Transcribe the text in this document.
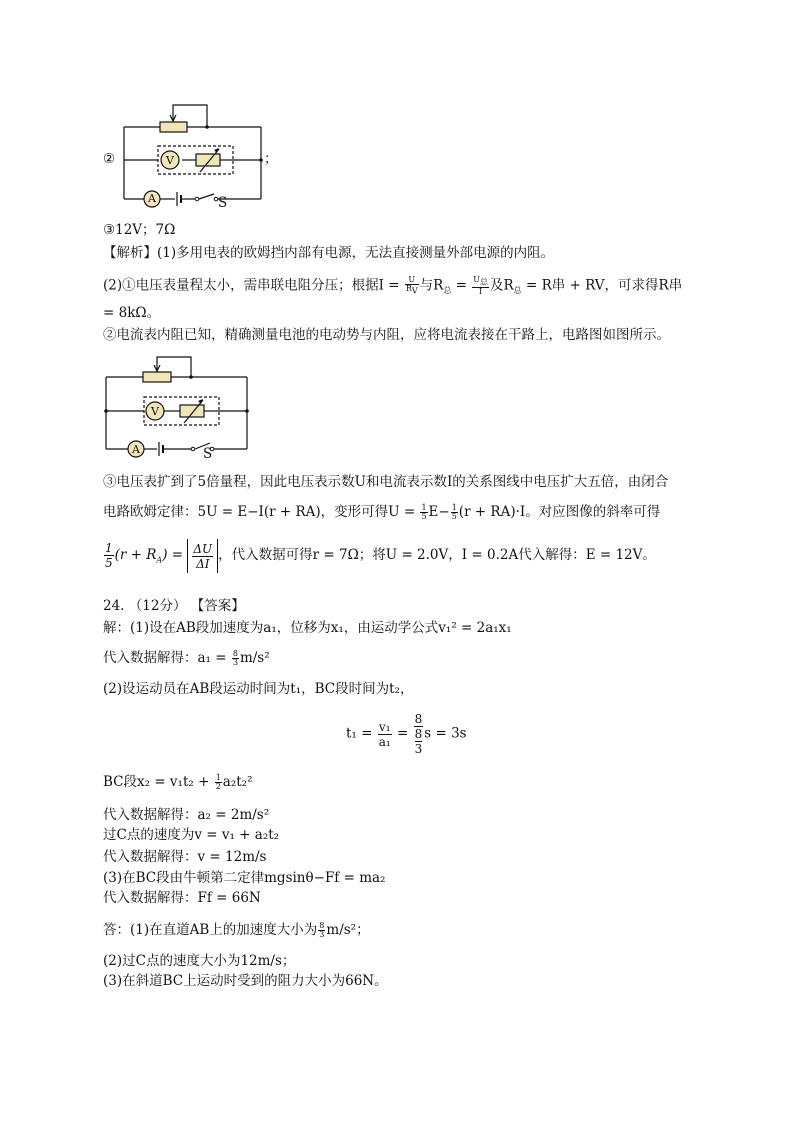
②	；
V
A	S
③12V；7Ω
【解析】(1)多用电表的欧姆挡内部有电源，无法直接测量外部电源的内阻。
(2)①电压表量程太小，需串联电阻分压；根据$I = \frac{U}{R_V}$ 与$R_总 = \frac{U_总}{I}$ 及$R_总 = R$串 + RV，可求得R串
= 8kΩ。
②电流表内阻已知，精确测量电池的电动势与内阻，应将电流表接在干路上，电路图如图所示。
V
A	S
③电压表扩到了5倍量程，因此电压表示数U和电流表示数I的关系图线中电压扩大五倍，由闭合
电路欧姆定律：5U = E−I(r + RA)，变形可得$U = \frac{1}{5} E- \frac{1}{5} (r + RA)\cdot I$。对应图像的斜率可得
$\frac{1}{5} (r + R_A) = \frac{\Delta U}{\Delta I}$ ，代入数据可得r = 7Ω；将U = 2.0V，I = 0.2A代入解得：E = 12V。
24. （12分） 【答案】
解：(1)设在AB段加速度为a₁，位移为x₁，由运动学公式v₁² = 2a₁x₁
代入数据解得：$a_1 = \frac{8}{3} m/s^2$
(2)设运动员在AB段运动时间为t₁，BC段时间为t₂，
$t_1 = \frac{\text{v₁}}{\text{a₁}}$ =
8
8
3
s = 3s
BC段$x_2 = v_1t_2 + \frac{1}{2} a_2t_2^2$
代入数据解得：a₂ = 2m/s²
过C点的速度为v = v₁ + a₂t₂
代入数据解得：v = 12m/s
(3)在BC段由牛顿第二定律mgsinθ−Ff = ma₂
代入数据解得：Ff = 66N
答：(1)在直道AB上的加速度大小为 $\frac{8}{3} m/s^2$；
(2)过C点的速度大小为12m/s；
(3)在斜道BC上运动时受到的阻力大小为66N。
